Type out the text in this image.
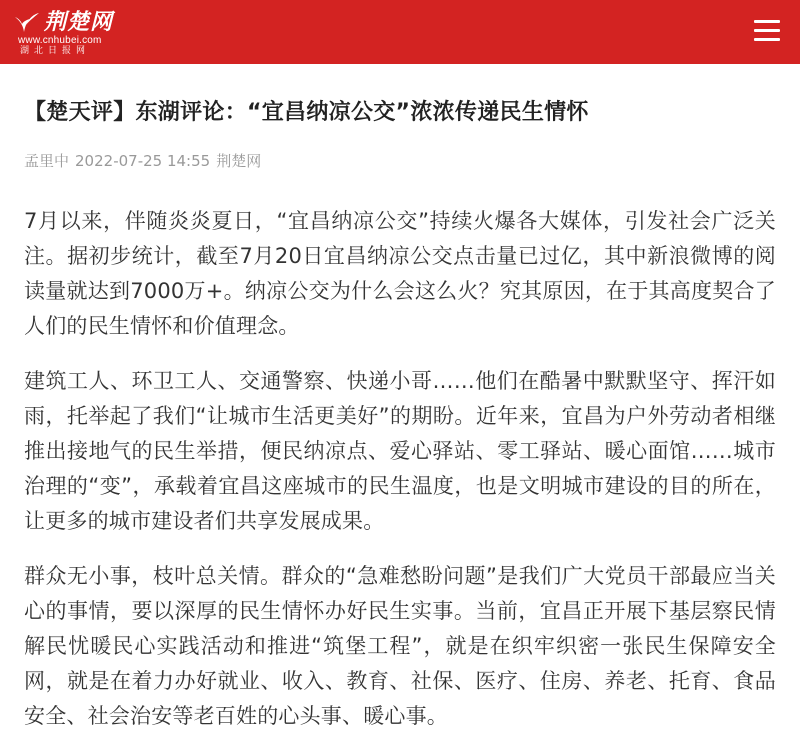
荆楚网
www.cnhubei.com
湖北日报网
【楚天评】东湖评论：“宜昌纳凉公交”浓浓传递民生情怀
孟里中 2022-07-25 14:55 荆楚网

7月以来，伴随炎炎夏日，“宜昌纳凉公交”持续火爆各大媒体，引发社会广泛关注。据初步统计，截至7月20日宜昌纳凉公交点击量已过亿，其中新浪微博的阅读量就达到7000万+。纳凉公交为什么会这么火？究其原因，在于其高度契合了人们的民生情怀和价值理念。

建筑工人、环卫工人、交通警察、快递小哥……他们在酷暑中默默坚守、挥汗如雨，托举起了我们“让城市生活更美好”的期盼。近年来，宜昌为户外劳动者相继推出接地气的民生举措，便民纳凉点、爱心驿站、零工驿站、暖心面馆……城市治理的“变”，承载着宜昌这座城市的民生温度，也是文明城市建设的目的所在，让更多的城市建设者们共享发展成果。

群众无小事，枝叶总关情。群众的“急难愁盼问题”是我们广大党员干部最应当关心的事情，要以深厚的民生情怀办好民生实事。当前，宜昌正开展下基层察民情解民忧暖民心实践活动和推进“筑堡工程”，就是在织牢织密一张民生保障安全网，就是在着力办好就业、收入、教育、社保、医疗、住房、养老、托育、食品安全、社会治安等老百姓的心头事、暖心事。
